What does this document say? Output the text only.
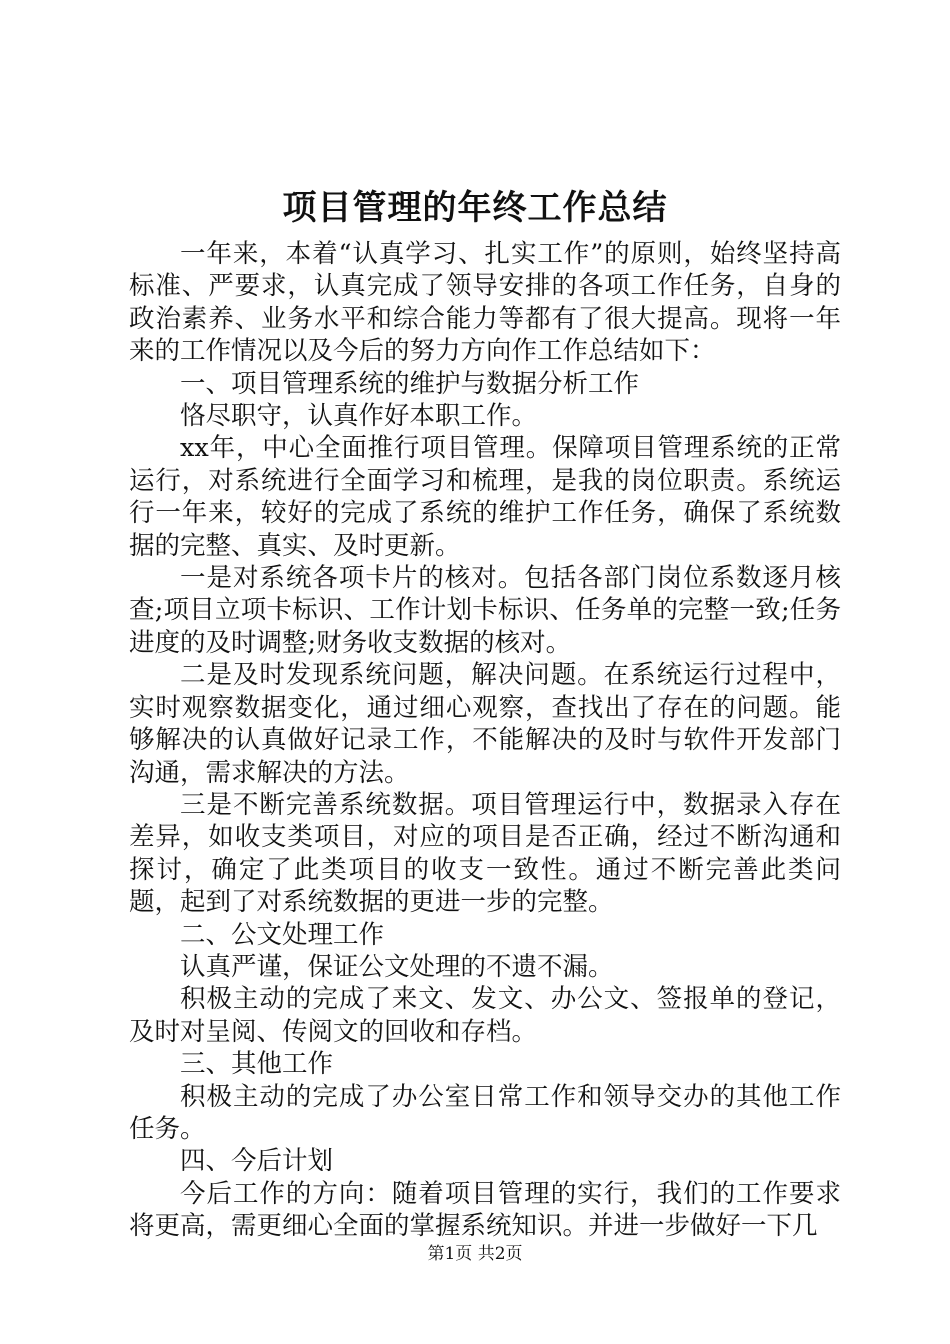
项目管理的年终工作总结

一年来，本着“认真学习、扎实工作”的原则，始终坚持高标准、严要求，认真完成了领导安排的各项工作任务，自身的政治素养、业务水平和综合能力等都有了很大提高。现将一年来的工作情况以及今后的努力方向作工作总结如下：

一、项目管理系统的维护与数据分析工作

恪尽职守，认真作好本职工作。

xx年，中心全面推行项目管理。保障项目管理系统的正常运行，对系统进行全面学习和梳理，是我的岗位职责。系统运行一年来，较好的完成了系统的维护工作任务，确保了系统数据的完整、真实、及时更新。

一是对系统各项卡片的核对。包括各部门岗位系数逐月核查;项目立项卡标识、工作计划卡标识、任务单的完整一致;任务进度的及时调整;财务收支数据的核对。

二是及时发现系统问题，解决问题。在系统运行过程中，实时观察数据变化，通过细心观察，查找出了存在的问题。能够解决的认真做好记录工作，不能解决的及时与软件开发部门沟通，需求解决的方法。

三是不断完善系统数据。项目管理运行中，数据录入存在差异，如收支类项目，对应的项目是否正确，经过不断沟通和探讨，确定了此类项目的收支一致性。通过不断完善此类问题，起到了对系统数据的更进一步的完整。

二、公文处理工作

认真严谨，保证公文处理的不遗不漏。

积极主动的完成了来文、发文、办公文、签报单的登记，及时对呈阅、传阅文的回收和存档。

三、其他工作

积极主动的完成了办公室日常工作和领导交办的其他工作任务。

四、今后计划

今后工作的方向：随着项目管理的实行，我们的工作要求将更高，需更细心全面的掌握系统知识。并进一步做好一下几

第1页 共2页
